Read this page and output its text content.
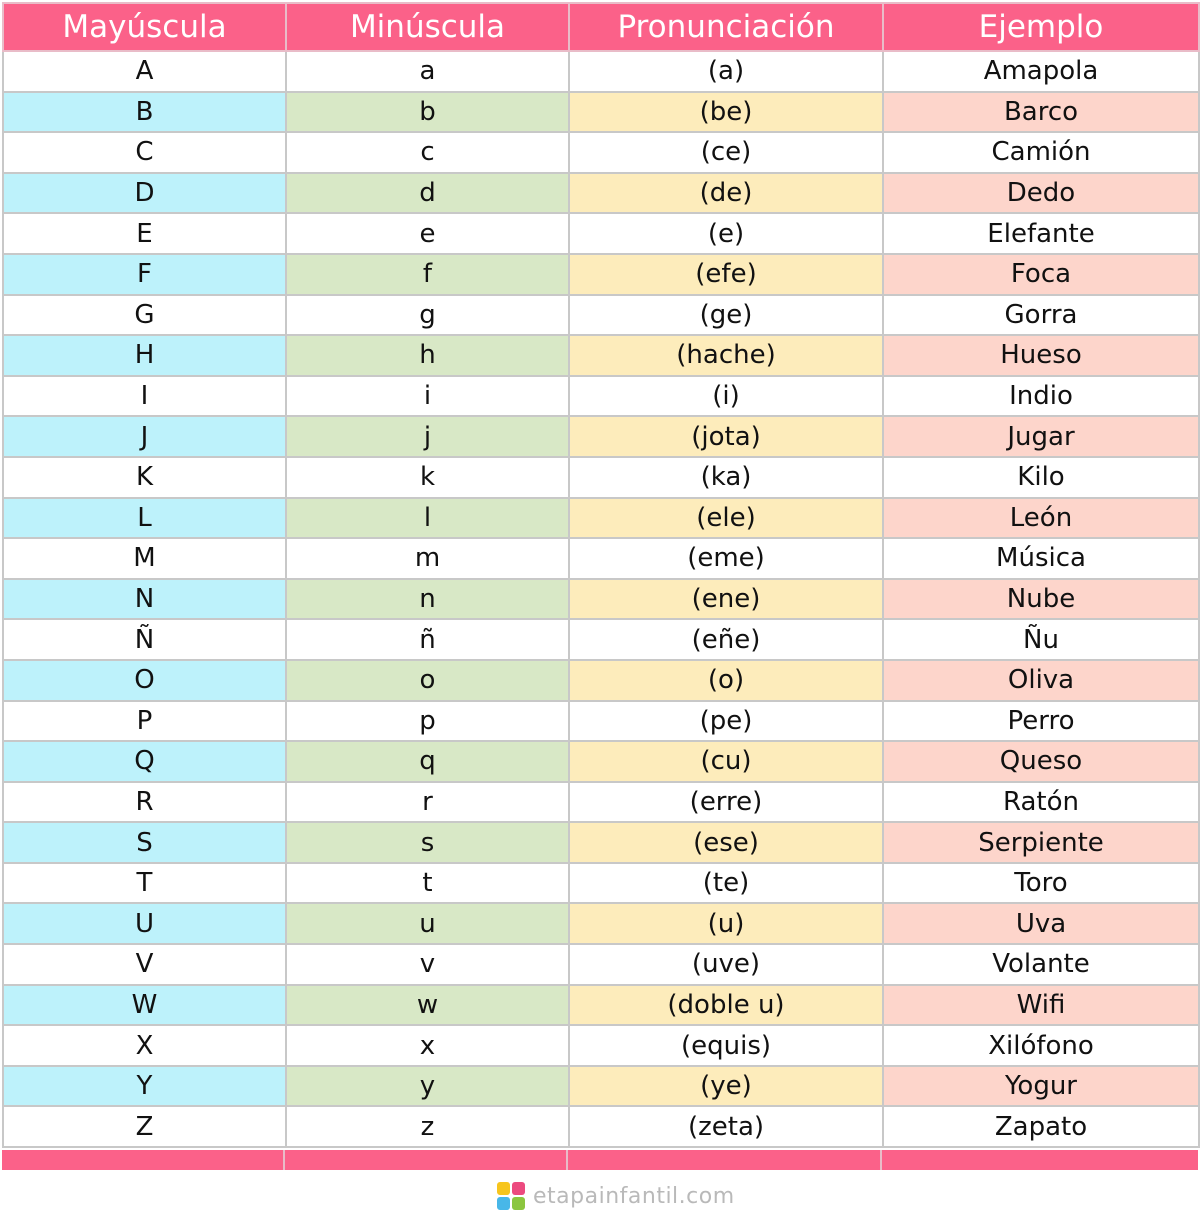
Mayúscula	Minúscula	Pronunciación	Ejemplo
A	a	(a)	Amapola
B	b	(be)	Barco
C	c	(ce)	Camión
D	d	(de)	Dedo
E	e	(e)	Elefante
F	f	(efe)	Foca
G	g	(ge)	Gorra
H	h	(hache)	Hueso
I	i	(i)	Indio
J	j	(jota)	Jugar
K	k	(ka)	Kilo
L	l	(ele)	León
M	m	(eme)	Música
N	n	(ene)	Nube
Ñ	ñ	(eñe)	Ñu
O	o	(o)	Oliva
P	p	(pe)	Perro
Q	q	(cu)	Queso
R	r	(erre)	Ratón
S	s	(ese)	Serpiente
T	t	(te)	Toro
U	u	(u)	Uva
V	v	(uve)	Volante
W	w	(doble u)	Wifi
X	x	(equis)	Xilófono
Y	y	(ye)	Yogur
Z	z	(zeta)	Zapato
etapainfantil.com
